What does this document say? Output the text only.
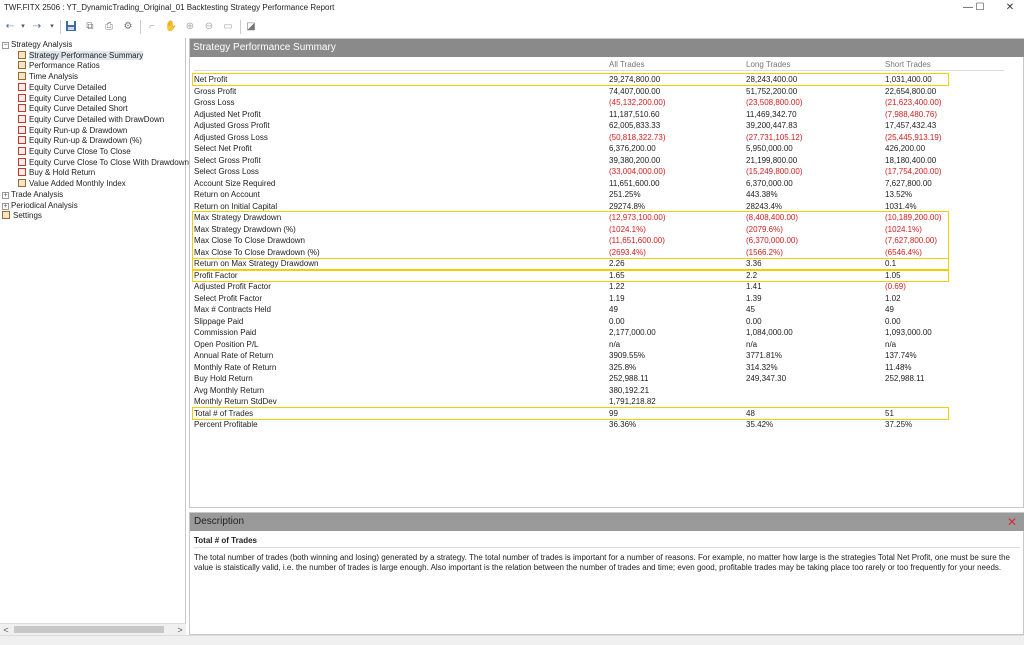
TWF.FITX 2506 : YT_DynamicTrading_Original_01 Backtesting Strategy Performance Report	— ☐	✕
⇠	▾ ⇢	▾	⧉	⎙	⚙	⌐ ✋ ⊕ ⊖ ▭ ◪
− Strategy Analysis
Strategy Performance Summary
Performance Ratios
Time Analysis
Equity Curve Detailed
Equity Curve Detailed Long
Equity Curve Detailed Short
Equity Curve Detailed with DrawDown
Equity Run-up & Drawdown
Equity Run-up & Drawdown (%)
Equity Curve Close To Close
Equity Curve Close To Close With Drawdown
Buy & Hold Return
Value Added Monthly Index
+ Trade Analysis
+ Periodical Analysis
Settings
<	>
Strategy Performance Summary
All Trades	Long Trades	Short Trades
Net Profit	29,274,800.00	28,243,400.00	1,031,400.00
Gross Profit	74,407,000.00	51,752,200.00	22,654,800.00
Gross Loss	(45,132,200.00)	(23,508,800.00)	(21,623,400.00)
Adjusted Net Profit	11,187,510.60	11,469,342.70	(7,988,480.76)
Adjusted Gross Profit	62,005,833.33	39,200,447.83	17,457,432.43
Adjusted Gross Loss	(50,818,322.73)	(27,731,105.12)	(25,445,913.19)
Select Net Profit	6,376,200.00	5,950,000.00	426,200.00
Select Gross Profit	39,380,200.00	21,199,800.00	18,180,400.00
Select Gross Loss	(33,004,000.00)	(15,249,800.00)	(17,754,200.00)
Account Size Required	11,651,600.00	6,370,000.00	7,627,800.00
Return on Account	251.25%	443.38%	13.52%
Return on Initial Capital	29274.8%	28243.4%	1031.4%
Max Strategy Drawdown	(12,973,100.00)	(8,408,400.00)	(10,189,200.00)
Max Strategy Drawdown (%)	(1024.1%)	(2079.6%)	(1024.1%)
Max Close To Close Drawdown	(11,651,600.00)	(6,370,000.00)	(7,627,800.00)
Max Close To Close Drawdown (%)	(2693.4%)	(1566.2%)	(6546.4%)
Return on Max Strategy Drawdown	2.26	3.36	0.1
Profit Factor	1.65	2.2	1.05
Adjusted Profit Factor	1.22	1.41	(0.69)
Select Profit Factor	1.19	1.39	1.02
Max # Contracts Held	49	45	49
Slippage Paid	0.00	0.00	0.00
Commission Paid	2,177,000.00	1,084,000.00	1,093,000.00
Open Position P/L	n/a	n/a	n/a
Annual Rate of Return	3909.55%	3771.81%	137.74%
Monthly Rate of Return	325.8%	314.32%	11.48%
Buy Hold Return	252,988.11	249,347.30	252,988.11
Avg Monthly Return	380,192.21
Monthly Return StdDev	1,791,218.82
Total # of Trades	99	48	51
Percent Profitable	36.36%	35.42%	37.25%
Description	✕
Total # of Trades
The total number of trades (both winning and losing) generated by a strategy. The total number of trades is important for a number of reasons. For example, no matter how large is the strategies Total Net Profit, one must be sure the value is staistically valid, i.e. the number of trades is large enough. Also important is the relation between the number of trades and time; even good, profitable trades may be taking place too rarely or too frequently for your needs.
